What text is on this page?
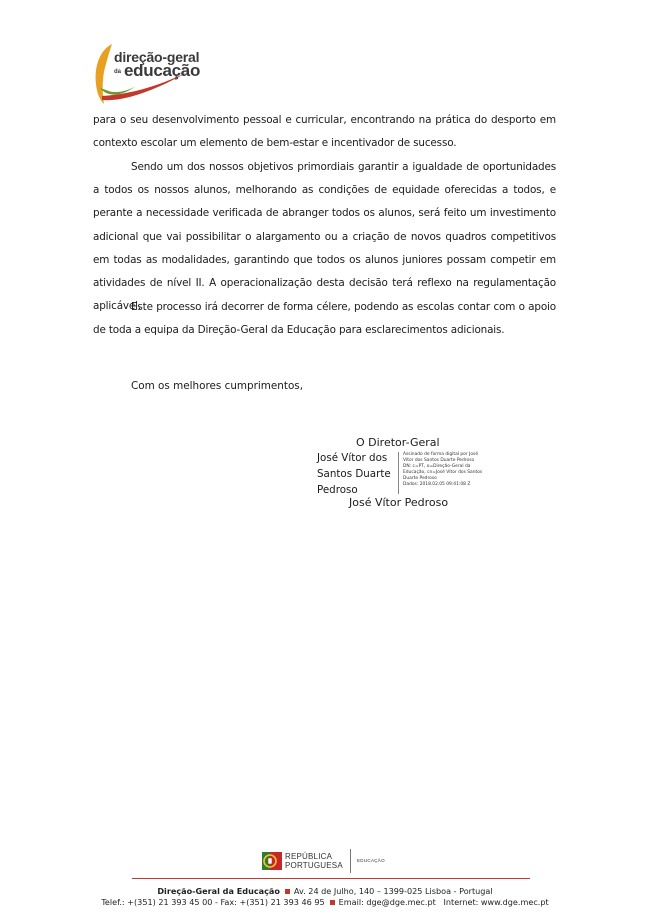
direção-geral
da educação
para o seu desenvolvimento pessoal e curricular, encontrando na prática do desporto em contexto escolar um elemento de bem-estar e incentivador de sucesso.
Sendo um dos nossos objetivos primordiais garantir a igualdade de oportunidades a todos os nossos alunos, melhorando as condições de equidade oferecidas a todos, e perante a necessidade verificada de abranger todos os alunos, será feito um investimento adicional que vai possibilitar o alargamento ou a criação de novos quadros competitivos em todas as modalidades, garantindo que todos os alunos juniores possam competir em atividades de nível II. A operacionalização desta decisão terá reflexo na regulamentação aplicável.
Este processo irá decorrer de forma célere, podendo as escolas contar com o apoio de toda a equipa da Direção-Geral da Educação para esclarecimentos adicionais.
Com os melhores cumprimentos,
O Diretor-Geral
José Vítor dos
Santos Duarte
Pedroso
Assinado de forma digital por José
Vítor dos Santos Duarte Pedroso
DN: c=PT, o=Direção-Geral da
Educação, cn=José Vítor dos Santos
Duarte Pedroso
Dados: 2018.02.05 09:41:08 Z
José Vítor Pedroso
REPÚBLICA
PORTUGUESA
EDUCAÇÃO
Direção-Geral da Educação Av. 24 de Julho, 140 – 1399-025 Lisboa - Portugal
Telef.: +(351) 21 393 45 00 - Fax: +(351) 21 393 46 95 Email: dge@dge.mec.pt Internet: www.dge.mec.pt
